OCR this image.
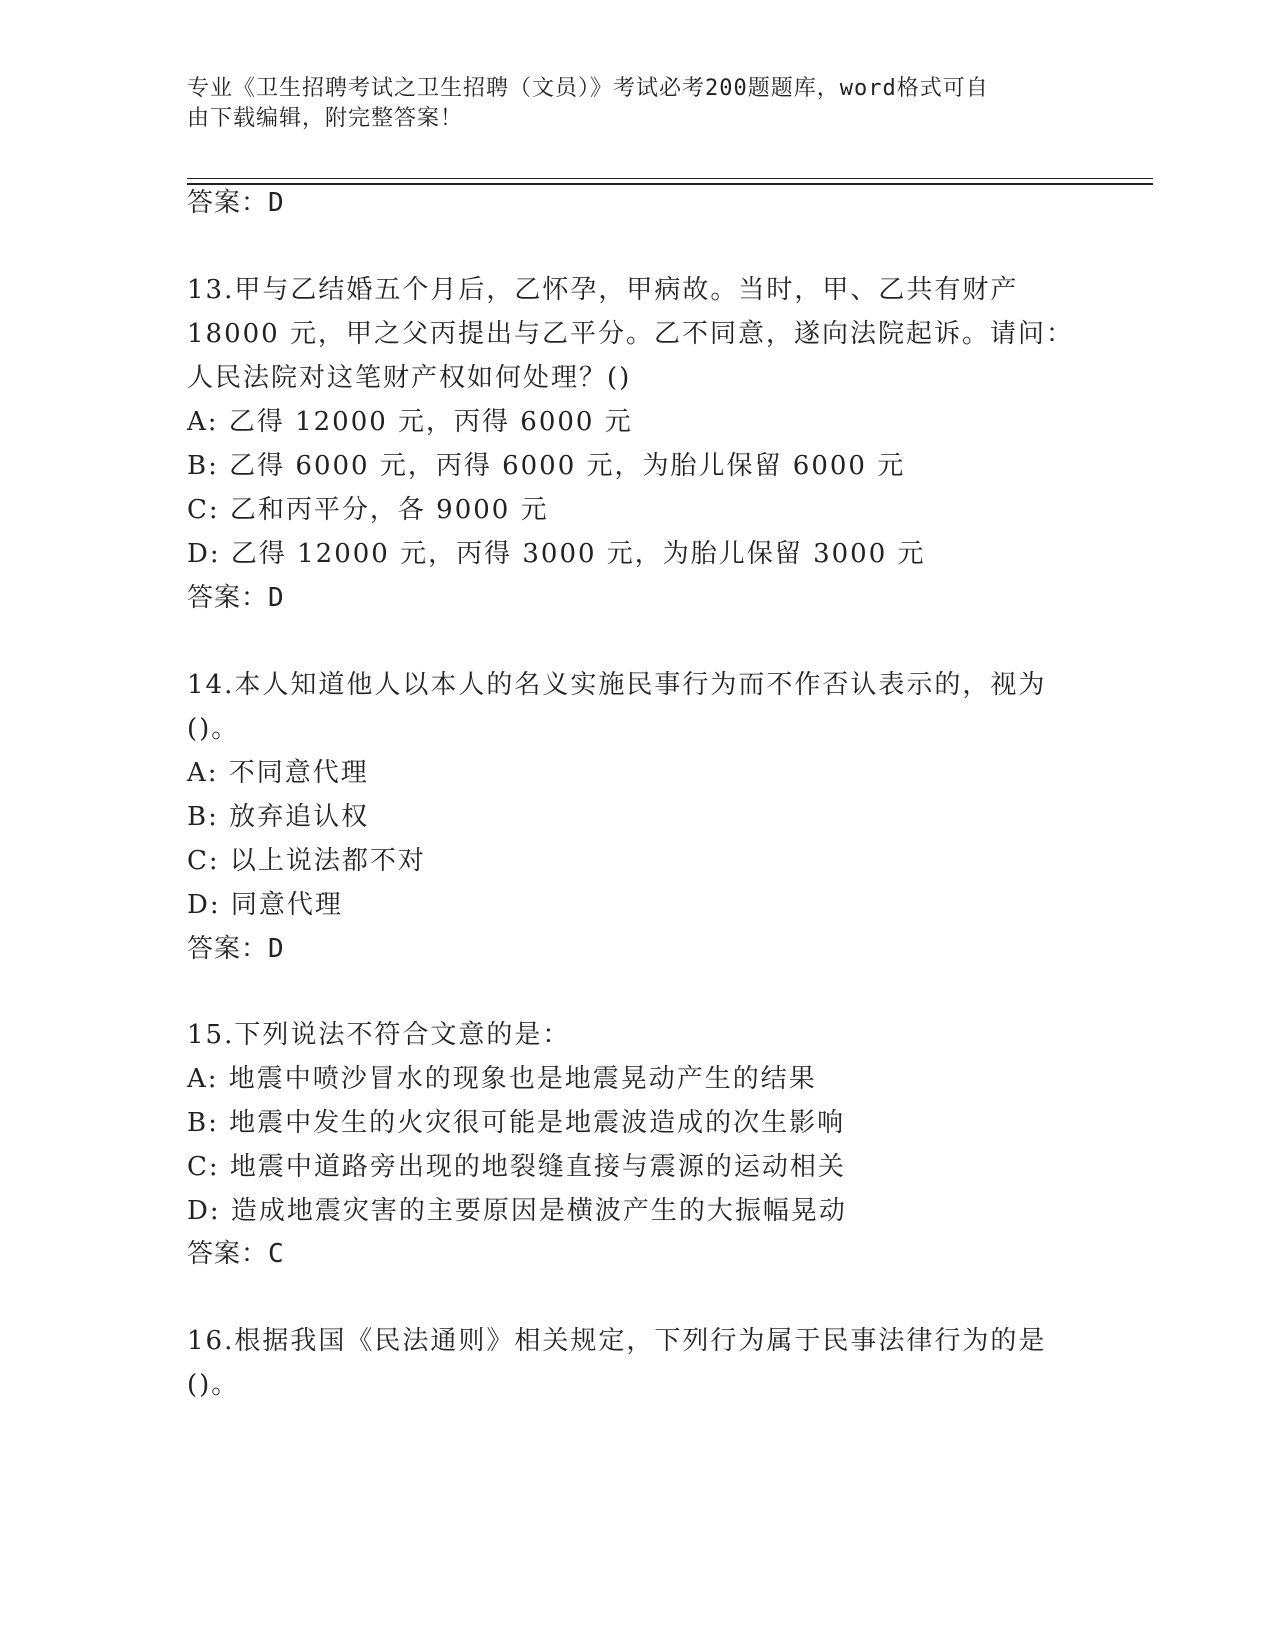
专业《卫生招聘考试之卫生招聘（文员）》考试必考200题题库，word格式可自
由下载编辑，附完整答案！
答案：D
13.甲与乙结婚五个月后，乙怀孕，甲病故。当时，甲、乙共有财产
18000 元，甲之父丙提出与乙平分。乙不同意，遂向法院起诉。请问：
人民法院对这笔财产权如何处理？()
A: 乙得 12000 元，丙得 6000 元
B: 乙得 6000 元，丙得 6000 元，为胎儿保留 6000 元
C: 乙和丙平分，各 9000 元
D: 乙得 12000 元，丙得 3000 元，为胎儿保留 3000 元
答案：D
14.本人知道他人以本人的名义实施民事行为而不作否认表示的，视为
()。
A: 不同意代理
B: 放弃追认权
C: 以上说法都不对
D: 同意代理
答案：D
15.下列说法不符合文意的是：
A: 地震中喷沙冒水的现象也是地震晃动产生的结果
B: 地震中发生的火灾很可能是地震波造成的次生影响
C: 地震中道路旁出现的地裂缝直接与震源的运动相关
D: 造成地震灾害的主要原因是横波产生的大振幅晃动
答案：C
16.根据我国《民法通则》相关规定，下列行为属于民事法律行为的是
()。
